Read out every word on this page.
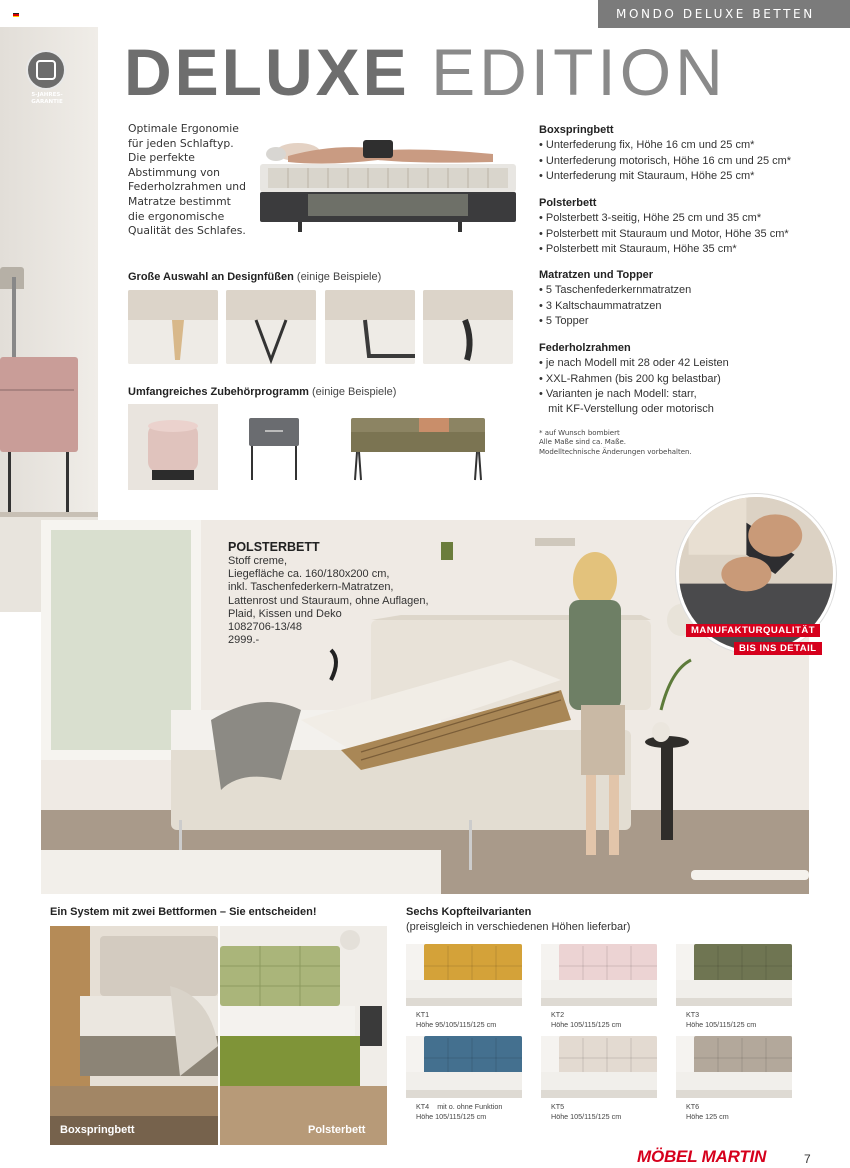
MONDO DELUXE BETTEN
DELUXE EDITION
5-JAHRES-
GARANTIE
Optimale Ergonomie
für jeden Schlaftyp.
Die perfekte
Abstimmung von
Federholzrahmen und
Matratze bestimmt
die ergonomische
Qualität des Schlafes.
Boxspringbett
• Unterfederung fix, Höhe 16 cm und 25 cm*
• Unterfederung motorisch, Höhe 16 cm und 25 cm*
• Unterfederung mit Stauraum, Höhe 25 cm*
Polsterbett
• Polsterbett 3-seitig, Höhe 25 cm und 35 cm*
• Polsterbett mit Stauraum und Motor, Höhe 35 cm*
• Polsterbett mit Stauraum, Höhe 35 cm*
Matratzen und Topper
• 5 Taschenfederkernmatratzen
• 3 Kaltschaummatratzen
• 5 Topper
Federholzrahmen
• je nach Modell mit 28 oder 42 Leisten
• XXL-Rahmen (bis 200 kg belastbar)
• Varianten je nach Modell: starr,
mit KF-Verstellung oder motorisch
Große Auswahl an Designfüßen (einige Beispiele)
Umfangreiches Zubehörprogramm (einige Beispiele)
* auf Wunsch bombiert
Alle Maße sind ca. Maße.
Modelltechnische Änderungen vorbehalten.
POLSTERBETT
Stoff creme,
Liegefläche ca. 160/180x200 cm,
inkl. Taschenfederkern-Matratzen,
Lattenrost und Stauraum, ohne Auflagen,
Plaid, Kissen und Deko
1082706-13/48
2999.-
MANUFAKTURQUALITÄT
BIS INS DETAIL
Ein System mit zwei Bettformen – Sie entscheiden!
Boxspringbett	Polsterbett
Sechs Kopfteilvarianten
(preisgleich in verschiedenen Höhen lieferbar)
KT1
Höhe 95/105/115/125 cm
KT2
Höhe 105/115/125 cm
KT3
Höhe 105/115/125 cm
KT4 mit o. ohne Funktion
Höhe 105/115/125 cm
KT5
Höhe 105/115/125 cm
KT6
Höhe 125 cm
MÖBEL MARTIN	7
